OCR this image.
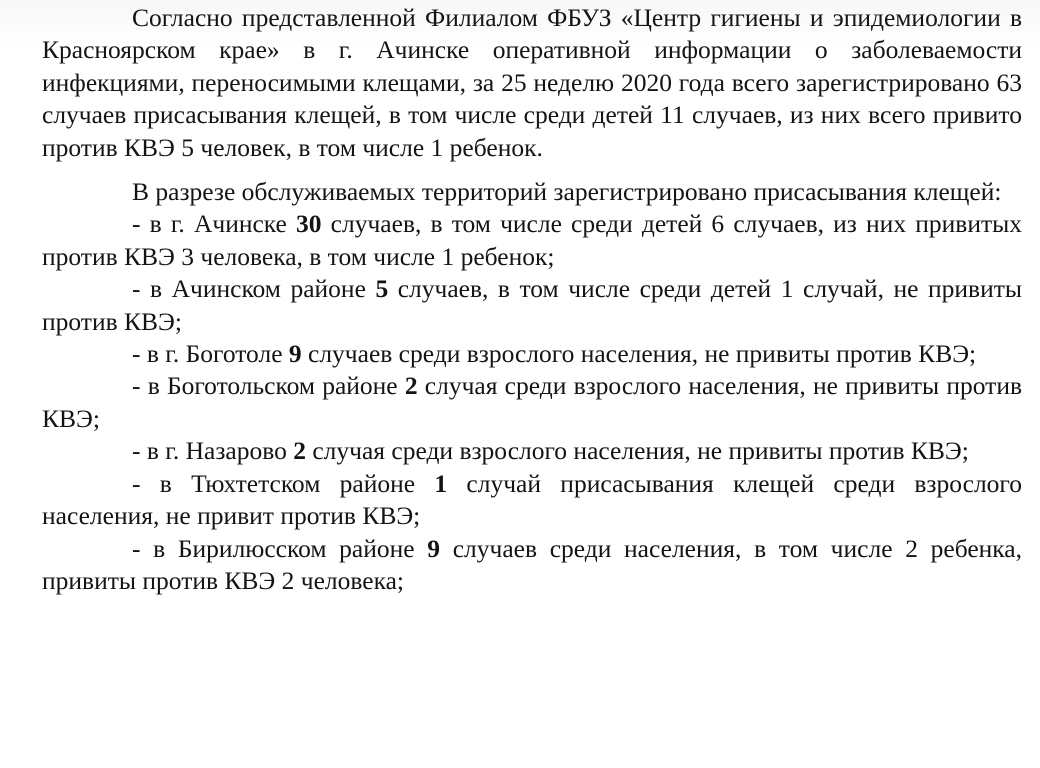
Согласно представленной Филиалом ФБУЗ «Центр гигиены и эпидемиологии в Красноярском крае» в г. Ачинске оперативной информации о заболеваемости инфекциями, переносимыми клещами, за 25 неделю 2020 года всего зарегистрировано 63 случаев присасывания клещей, в том числе среди детей 11 случаев, из них всего привито против КВЭ 5 человек, в том числе 1 ребенок.

В разрезе обслуживаемых территорий зарегистрировано присасывания клещей:

- в г. Ачинске 30 случаев, в том числе среди детей 6 случаев, из них привитых против КВЭ 3 человека, в том числе 1 ребенок;

- в Ачинском районе 5 случаев, в том числе среди детей 1 случай, не привиты против КВЭ;

- в г. Боготоле 9 случаев среди взрослого населения, не привиты против КВЭ;

- в Боготольском районе 2 случая среди взрослого населения, не привиты против КВЭ;

- в г. Назарово 2 случая среди взрослого населения, не привиты против КВЭ;

- в Тюхтетском районе 1 случай присасывания клещей среди взрослого населения, не привит против КВЭ;

- в Бирилюсском районе 9 случаев среди населения, в том числе 2 ребенка, привиты против КВЭ 2 человека;
